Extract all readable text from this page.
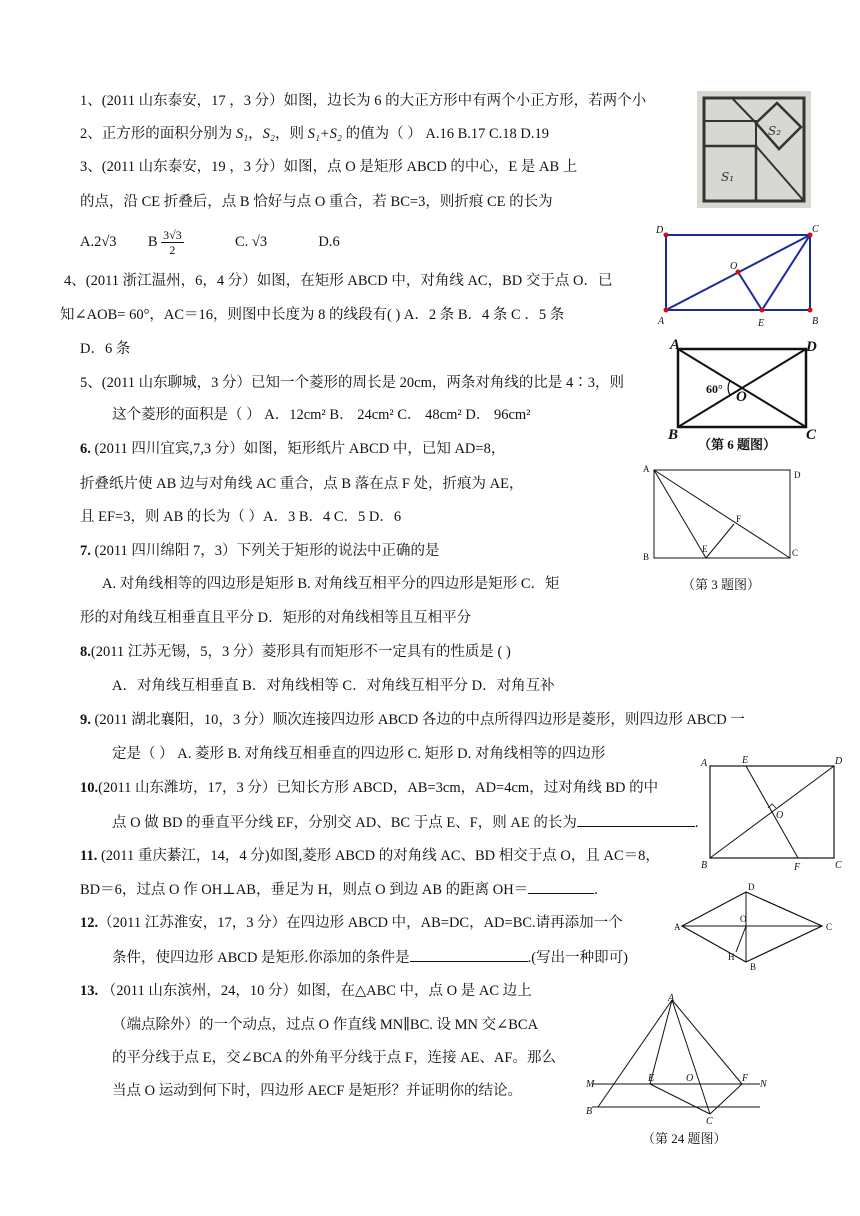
1、(2011 山东泰安，17 ，3 分）如图，边长为 6 的大正方形中有两个小正方形，若两个小
2、正方形的面积分别为 S₁，S₂，则 S₁+S₂ 的值为（ ） A.16 B.17 C.18 D.19	S₂
S₁
3、(2011 山东泰安，19 ，3 分）如图，点 O 是矩形 ABCD 的中心，E 是 AB 上
的点，沿 CE 折叠后，点 B 恰好与点 O 重合，若 BC=3，则折痕 CE 的长为
A.2√3 B $\frac{3√3}{2}$	C. √3	D.6
D	C
A	B
O
E
4、(2011 浙江温州，6，4 分）如图，在矩形 ABCD 中，对角线 AC，BD 交于点 O．已
知∠AOB= 60°，AC＝16，则图中长度为 8 的线段有( ) A．2 条 B．4 条 C ．5 条
D．6 条	A	D
B	C
O
60°
（第 6 题图）
5、(2011 山东聊城，3 分）已知一个菱形的周长是 20cm，两条对角线的比是 4∶3，则
这个菱形的面积是（ ） A．12cm² B． 24cm² C． 48cm² D． 96cm²
6. (2011 四川宜宾,7,3 分）如图，矩形纸片 ABCD 中，已知 AD=8，
折叠纸片使 AB 边与对角线 AC 重合，点 B 落在点 F 处，折痕为 AE，
且 EF=3，则 AB 的长为（ ）A．3 B．4 C．5 D．6
A
D
B	C
F
E
（第 3 题图）
7. (2011 四川绵阳 7，3）下列关于矩形的说法中正确的是
A. 对角线相等的四边形是矩形 B. 对角线互相平分的四边形是矩形 C．矩
形的对角线互相垂直且平分 D．矩形的对角线相等且互相平分
8.(2011 江苏无锡，5，3 分）菱形具有而矩形不一定具有的性质是 ( )
A．对角线互相垂直 B．对角线相等 C．对角线互相平分 D．对角互补
9. (2011 湖北襄阳，10，3 分）顺次连接四边形 ABCD 各边的中点所得四边形是菱形，则四边形 ABCD 一
定是（ ） A. 菱形 B. 对角线互相垂直的四边形 C. 矩形 D. 对角线相等的四边形
10.(2011 山东潍坊，17，3 分）已知长方形 ABCD，AB=3cm，AD=4cm，过对角线 BD 的中
点 O 做 BD 的垂直平分线 EF，分别交 AD、BC 于点 E、F，则 AE 的长为	.
A	E	D
B	F	C
O
11. (2011 重庆綦江，14，4 分)如图,菱形 ABCD 的对角线 AC、BD 相交于点 O，且 AC＝8，
BD＝6，过点 O 作 OH⊥AB，垂足为 H，则点 O 到边 AB 的距离 OH＝	.
A
D
C
B
O
H
12.（2011 江苏淮安，17，3 分）在四边形 ABCD 中，AB=DC，AD=BC.请再添加一个
条件，使四边形 ABCD 是矩形.你添加的条件是	.(写出一种即可)
13. （2011 山东滨州，24，10 分）如图，在△ABC 中，点 O 是 AC 边上
（端点除外）的一个动点，过点 O 作直线 MN∥BC. 设 MN 交∠BCA
的平分线于点 E，交∠BCA 的外角平分线于点 F，连接 AE、AF。那么
当点 O 运动到何下时，四边形 AECF 是矩形？并证明你的结论。
A
M
E	O	F
N
B
C
（第 24 题图）
